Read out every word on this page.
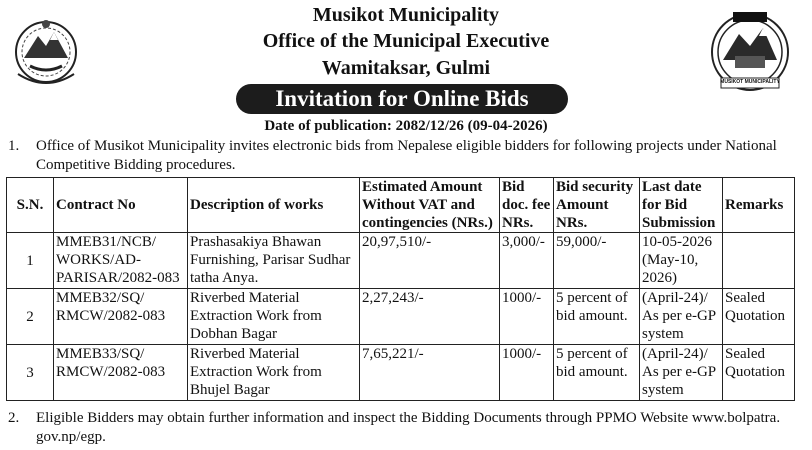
MUSIKOT MUNICIPALITY
Musikot Municipality
Office of the Municipal Executive
Wamitaksar, Gulmi
Invitation for Online Bids
Date of publication: 2082/12/26 (09-04-2026)
1. Office of Musikot Municipality invites electronic bids from Nepalese eligible bidders for following projects under National Competitive Bidding procedures.
S.N.	Contract No	Description of works	Estimated Amount Without VAT and contingencies (NRs.)	Bid doc. fee NRs.	Bid security Amount NRs.	Last date for Bid Submission	Remarks
1	MMEB31/NCB/ WORKS/AD-PARISAR/2082-083	Prashasakiya Bhawan Furnishing, Parisar Sudhar tatha Anya.	20,97,510/-	3,000/-	59,000/-	10-05-2026 (May-10, 2026)	
2	MMEB32/SQ/ RMCW/2082-083	Riverbed Material Extraction Work from Dobhan Bagar	2,27,243/-	1000/-	5 percent of bid amount.	(April-24)/ As per e-GP system	Sealed Quotation
3	MMEB33/SQ/ RMCW/2082-083	Riverbed Material Extraction Work from Bhujel Bagar	7,65,221/-	1000/-	5 percent of bid amount.	(April-24)/ As per e-GP system	Sealed Quotation
2. Eligible Bidders may obtain further information and inspect the Bidding Documents through PPMO Website www.bolpatra. gov.np/egp.
